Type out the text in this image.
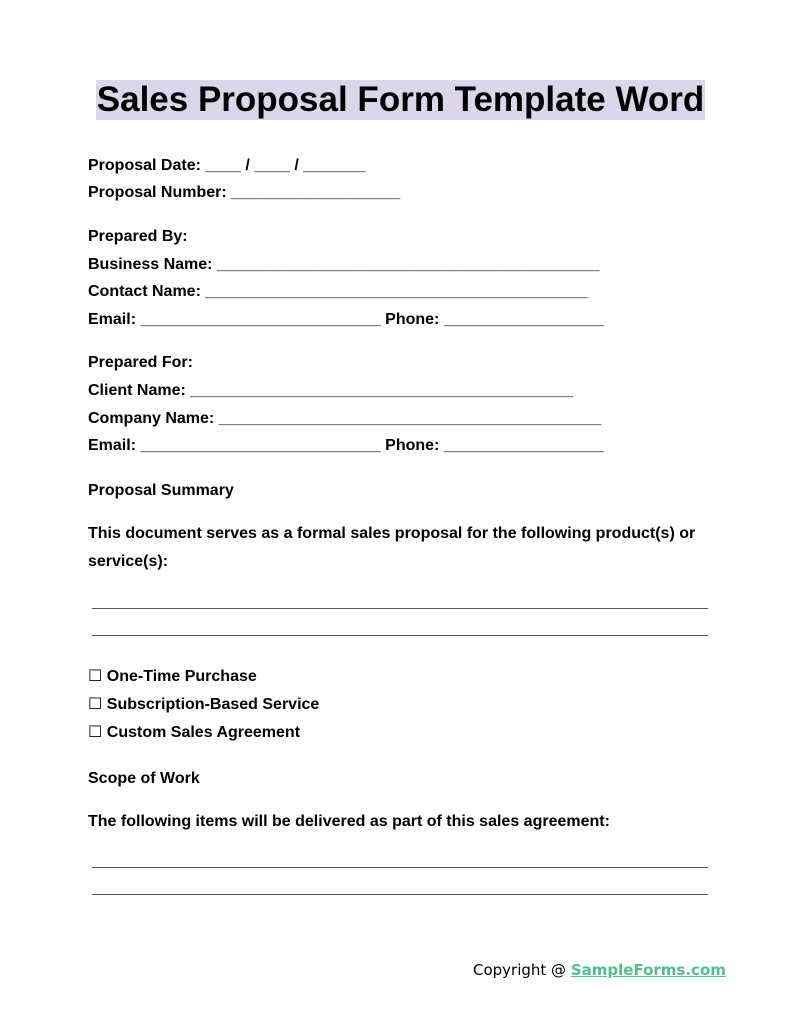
Sales Proposal Form Template Word
Proposal Date: ____ / ____ / _______
Proposal Number: ___________________
Prepared By:
Business Name: ___________________________________________
Contact Name: ___________________________________________
Email: ___________________________ Phone: __________________
Prepared For:
Client Name: ___________________________________________
Company Name: ___________________________________________
Email: ___________________________ Phone: __________________
Proposal Summary
This document serves as a formal sales proposal for the following product(s) or service(s):
☐ One-Time Purchase
☐ Subscription-Based Service
☐ Custom Sales Agreement
Scope of Work
The following items will be delivered as part of this sales agreement:
Copyright @ SampleForms.com
